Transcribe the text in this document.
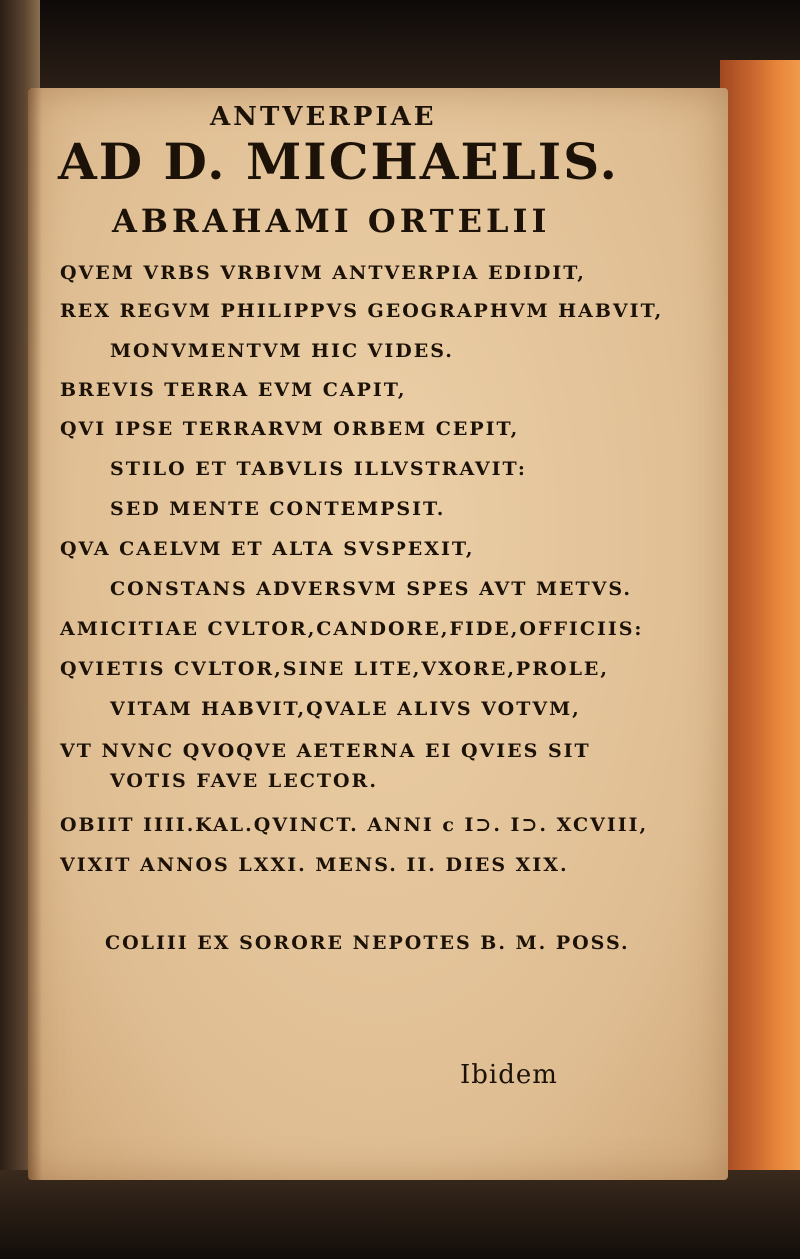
ANTVERPIAE
AD D. MICHAELIS.
ABRAHAMI ORTELII
QVEM VRBS VRBIVM ANTVERPIA EDIDIT,
REX REGVM PHILIPPVS GEOGRAPHVM HABVIT,
MONVMENTVM HIC VIDES.
BREVIS TERRA EVM CAPIT,
QVI IPSE TERRARVM ORBEM CEPIT,
STILO ET TABVLIS ILLVSTRAVIT:
SED MENTE CONTEMPSIT.
QVA CAELVM ET ALTA SVSPEXIT,
CONSTANS ADVERSVM SPES AVT METVS.
AMICITIAE CVLTOR,CANDORE,FIDE,OFFICIIS:
QVIETIS CVLTOR,SINE LITE,VXORE,PROLE,
VITAM HABVIT,QVALE ALIVS VOTVM,
VT NVNC QVOQVE AETERNA EI QVIES SIT
VOTIS FAVE LECTOR.
OBIIT IIII.KAL.QVINCT. ANNI c I⊃. I⊃. XCVIII,
VIXIT ANNOS LXXI. MENS. II. DIES XIX.
COLIII EX SORORE NEPOTES B. M. POSS.
Ibidem
